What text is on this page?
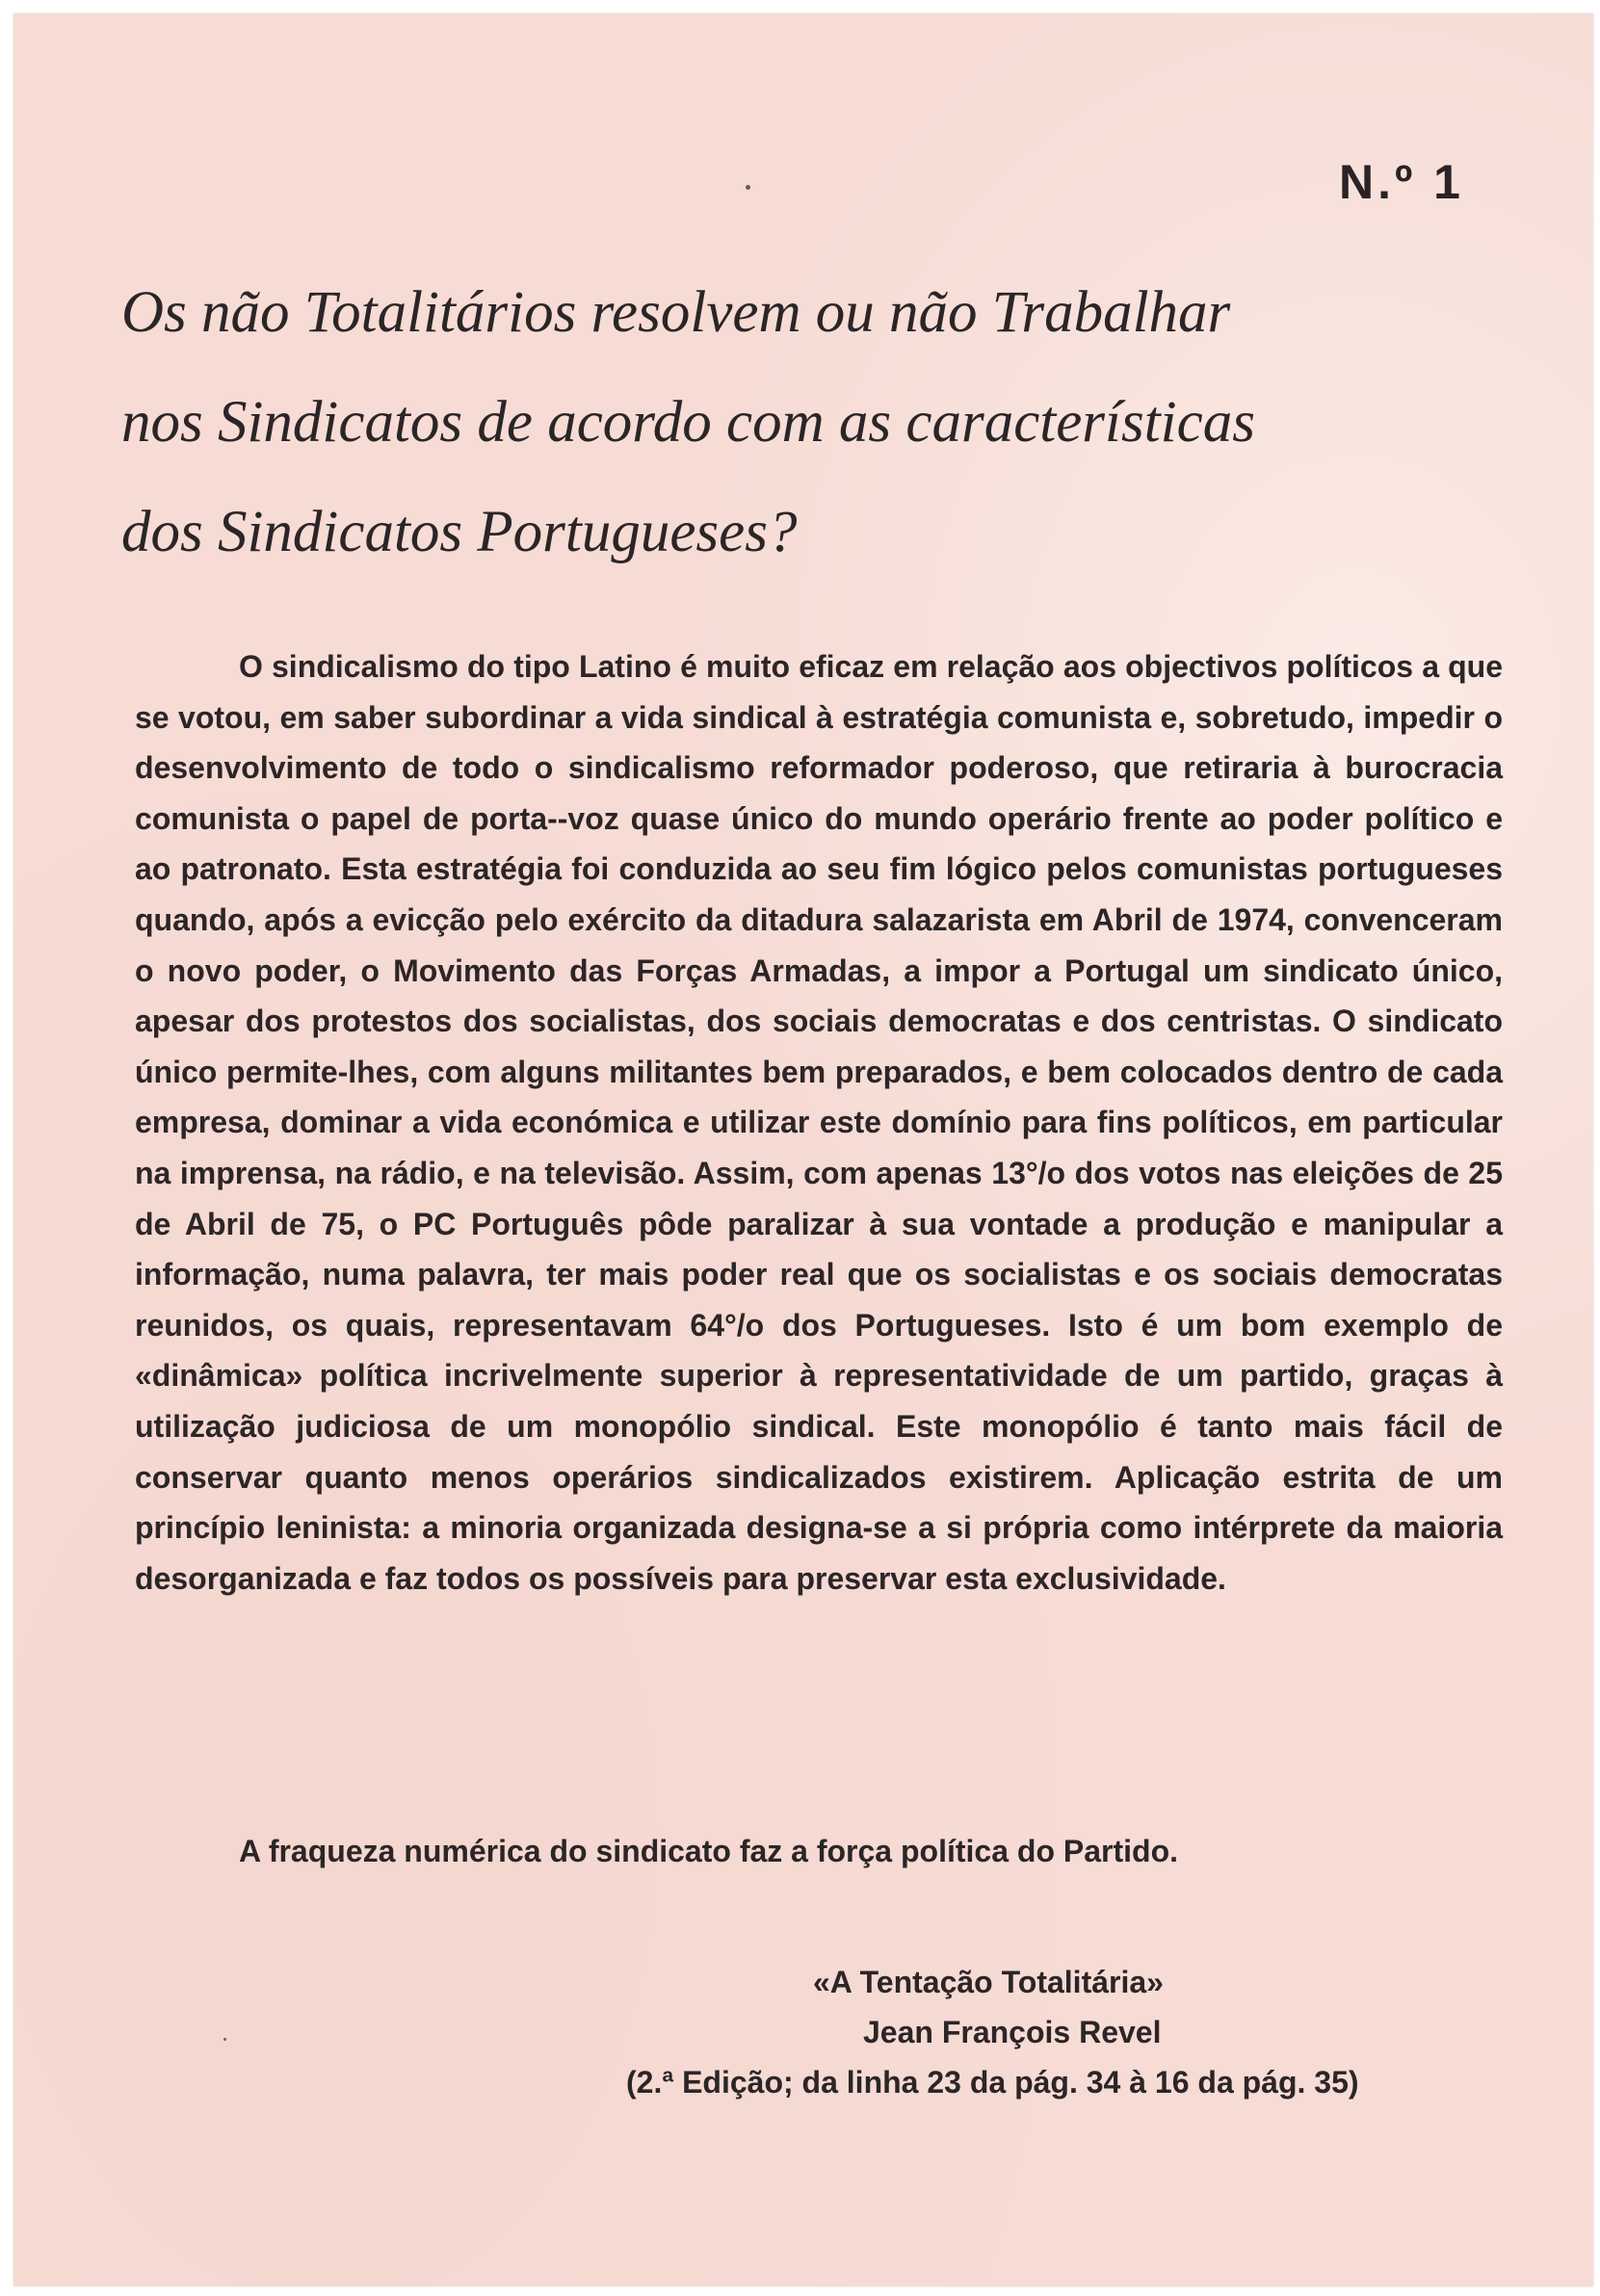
N.º 1
Os não Totalitários resolvem ou não Trabalhar
nos Sindicatos de acordo com as características
dos Sindicatos Portugueses?

O sindicalismo do tipo Latino é muito eficaz em relação aos objectivos políticos a que se votou, em saber subordinar a vida sindical à estratégia comunista e, sobretudo, impedir o desenvolvimento de todo o sindicalismo reformador poderoso, que retiraria à burocracia comunista o papel de porta--voz quase único do mundo operário frente ao poder político e ao patronato. Esta estratégia foi conduzida ao seu fim lógico pelos comunistas portugueses quando, após a evicção pelo exército da ditadura salazarista em Abril de 1974, convenceram o novo poder, o Movimento das Forças Armadas, a impor a Portugal um sindicato único, apesar dos protestos dos socialistas, dos sociais democratas e dos centristas. O sindicato único permite-lhes, com alguns militantes bem preparados, e bem colocados dentro de cada empresa, dominar a vida económica e utilizar este domínio para fins políticos, em particular na imprensa, na rádio, e na televisão. Assim, com apenas 13°/o dos votos nas eleições de 25 de Abril de 75, o PC Português pôde paralizar à sua vontade a produção e manipular a informação, numa palavra, ter mais poder real que os socialistas e os sociais democratas reunidos, os quais, representavam 64°/o dos Portugueses. Isto é um bom exemplo de «dinâmica» política incrivelmente superior à representatividade de um partido, graças à utilização judiciosa de um monopólio sindical. Este monopólio é tanto mais fácil de conservar quanto menos operários sindicalizados existirem. Aplicação estrita de um princípio leninista: a minoria organizada designa-se a si própria como intérprete da maioria desorganizada e faz todos os possíveis para preservar esta exclusividade.

A fraqueza numérica do sindicato faz a força política do Partido.

«A Tentação Totalitária»
Jean François Revel
(2.ª Edição; da linha 23 da pág. 34 à 16 da pág. 35)
